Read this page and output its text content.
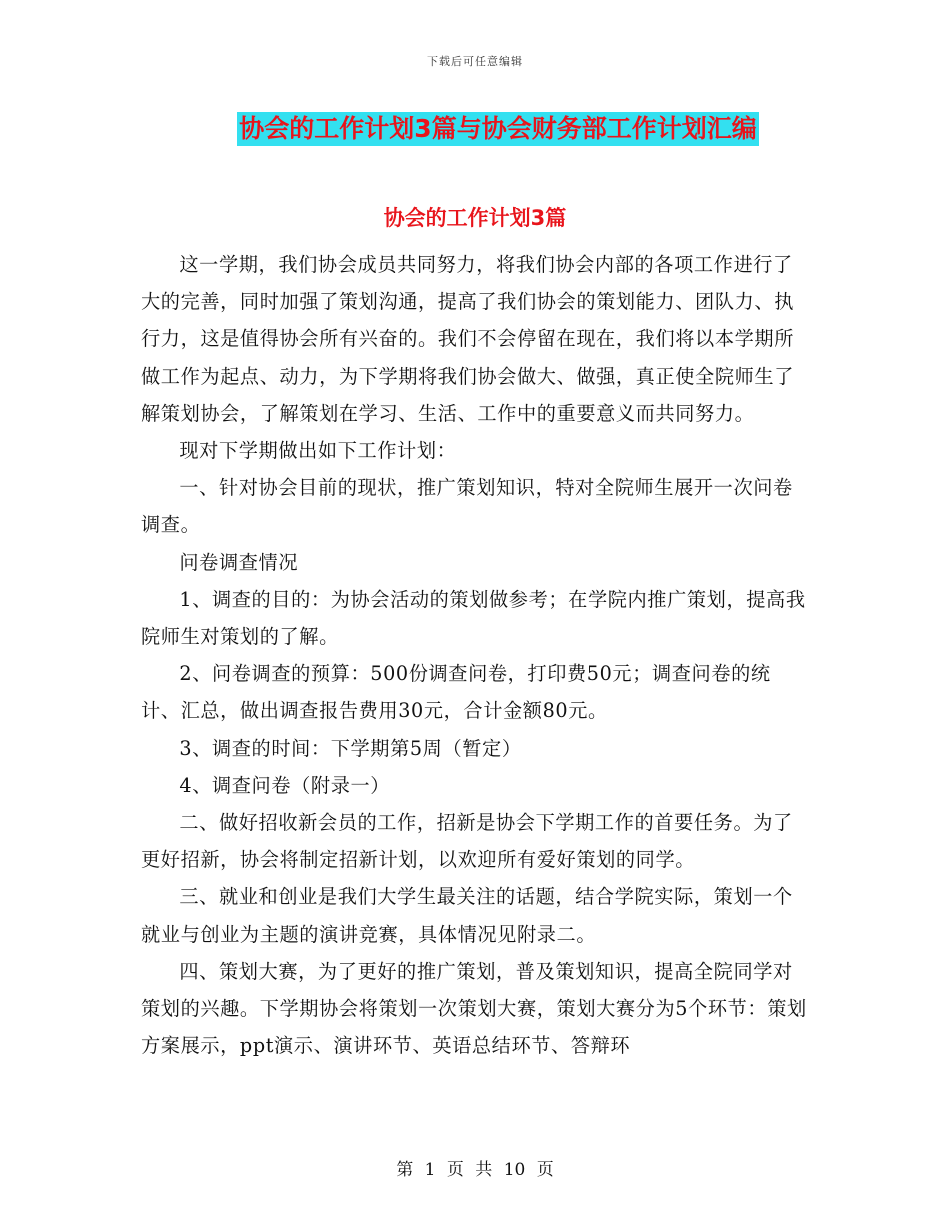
下载后可任意编辑
协会的工作计划3篇与协会财务部工作计划汇编
协会的工作计划3篇

这一学期，我们协会成员共同努力，将我们协会内部的各项工作进行了大的完善，同时加强了策划沟通，提高了我们协会的策划能力、团队力、执行力，这是值得协会所有兴奋的。我们不会停留在现在，我们将以本学期所做工作为起点、动力，为下学期将我们协会做大、做强，真正使全院师生了解策划协会，了解策划在学习、生活、工作中的重要意义而共同努力。

现对下学期做出如下工作计划：

一、针对协会目前的现状，推广策划知识，特对全院师生展开一次问卷调查。

问卷调查情况

1、调查的目的：为协会活动的策划做参考；在学院内推广策划，提高我院师生对策划的了解。

2、问卷调查的预算：500份调查问卷，打印费50元；调查问卷的统计、汇总，做出调查报告费用30元，合计金额80元。

3、调查的时间：下学期第5周（暂定）

4、调查问卷（附录一）

二、做好招收新会员的工作，招新是协会下学期工作的首要任务。为了更好招新，协会将制定招新计划，以欢迎所有爱好策划的同学。

三、就业和创业是我们大学生最关注的话题，结合学院实际，策划一个就业与创业为主题的演讲竞赛，具体情况见附录二。

四、策划大赛，为了更好的推广策划，普及策划知识，提高全院同学对策划的兴趣。下学期协会将策划一次策划大赛，策划大赛分为5个环节：策划方案展示，ppt演示、演讲环节、英语总结环节、答辩环

第 1 页 共 10 页
